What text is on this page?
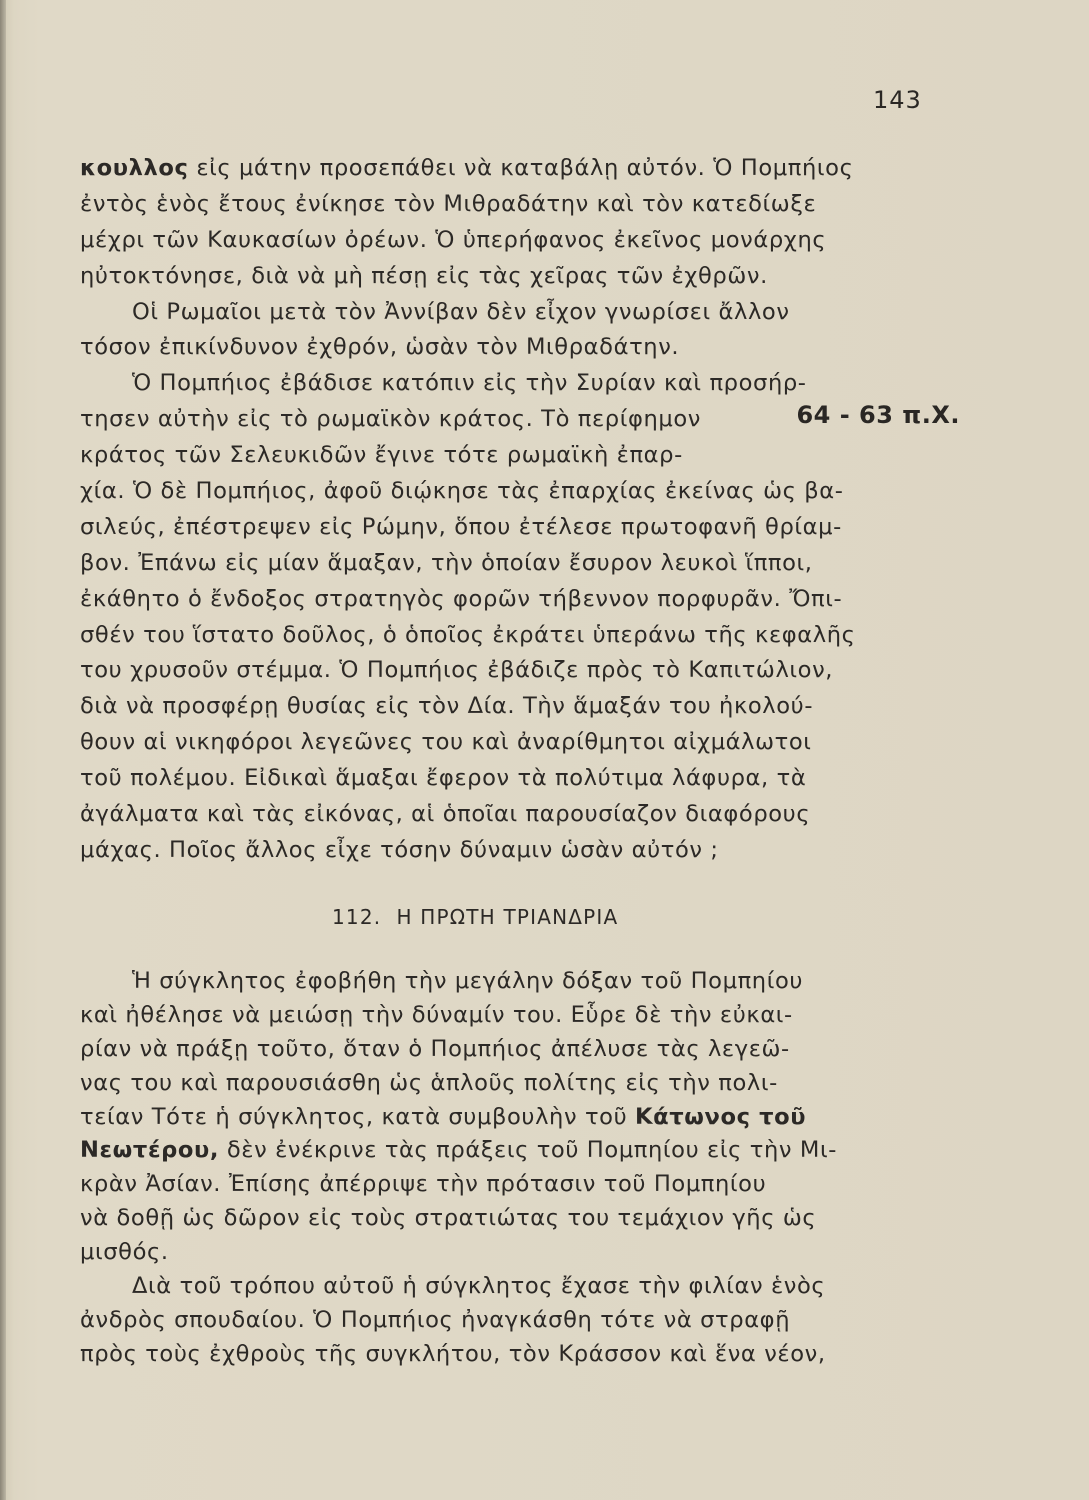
143
κουλλος εἰς μάτην προσεπάθει νὰ καταβάλῃ αὐτόν. Ὁ Πομπήιος
ἐντὸς ἑνὸς ἔτους ἐνίκησε τὸν Μιθραδάτην καὶ τὸν κατεδίωξε
μέχρι τῶν Καυκασίων ὀρέων. Ὁ ὑπερήφανος ἐκεῖνος μονάρχης
ηὐτοκτόνησε, διὰ νὰ μὴ πέσῃ εἰς τὰς χεῖρας τῶν ἐχθρῶν.
Οἱ Ρωμαῖοι μετὰ τὸν Ἀννίβαν δὲν εἶχον γνωρίσει ἄλλον
τόσον ἐπικίνδυνον ἐχθρόν, ὡσὰν τὸν Μιθραδάτην.
Ὁ Πομπήιος ἐβάδισε κατόπιν εἰς τὴν Συρίαν καὶ προσήρ-
τησεν αὐτὴν εἰς τὸ ρωμαϊκὸν κράτος. Τὸ περίφημον	64 - 63 π.Χ.
κράτος τῶν Σελευκιδῶν ἔγινε τότε ρωμαϊκὴ ἐπαρ-
χία. Ὁ δὲ Πομπήιος, ἀφοῦ διῴκησε τὰς ἐπαρχίας ἐκείνας ὡς βα-
σιλεύς, ἐπέστρεψεν εἰς Ρώμην, ὅπου ἐτέλεσε πρωτοφανῆ θρίαμ-
βον. Ἐπάνω εἰς μίαν ἅμαξαν, τὴν ὁποίαν ἔσυρον λευκοὶ ἵπποι,
ἐκάθητο ὁ ἔνδοξος στρατηγὸς φορῶν τήβεννον πορφυρᾶν. Ὄπι-
σθέν του ἵστατο δοῦλος, ὁ ὁποῖος ἐκράτει ὑπεράνω τῆς κεφαλῆς
του χρυσοῦν στέμμα. Ὁ Πομπήιος ἐβάδιζε πρὸς τὸ Καπιτώλιον,
διὰ νὰ προσφέρῃ θυσίας εἰς τὸν Δία. Τὴν ἅμαξάν του ἠκολού-
θουν αἱ νικηφόροι λεγεῶνες του καὶ ἀναρίθμητοι αἰχμάλωτοι
τοῦ πολέμου. Εἰδικαὶ ἅμαξαι ἔφερον τὰ πολύτιμα λάφυρα, τὰ
ἀγάλματα καὶ τὰς εἰκόνας, αἱ ὁποῖαι παρουσίαζον διαφόρους
μάχας. Ποῖος ἄλλος εἶχε τόσην δύναμιν ὡσὰν αὐτόν ;
112.  Η ΠΡΩΤΗ ΤΡΙΑΝΔΡΙΑ
Ἡ σύγκλητος ἐφοβήθη τὴν μεγάλην δόξαν τοῦ Πομπηίου
καὶ ἠθέλησε νὰ μειώσῃ τὴν δύναμίν του. Εὗρε δὲ τὴν εὐκαι-
ρίαν νὰ πράξῃ τοῦτο, ὅταν ὁ Πομπήιος ἀπέλυσε τὰς λεγεῶ-
νας του καὶ παρουσιάσθη ὡς ἁπλοῦς πολίτης εἰς τὴν πολι-
τείαν Τότε ἡ σύγκλητος, κατὰ συμβουλὴν τοῦ Κάτωνος τοῦ
Νεωτέρου, δὲν ἐνέκρινε τὰς πράξεις τοῦ Πομπηίου εἰς τὴν Μι-
κρὰν Ἀσίαν. Ἐπίσης ἀπέρριψε τὴν πρότασιν τοῦ Πομπηίου
νὰ δοθῇ ὡς δῶρον εἰς τοὺς στρατιώτας του τεμάχιον γῆς ὡς
μισθός.
Διὰ τοῦ τρόπου αὐτοῦ ἡ σύγκλητος ἔχασε τὴν φιλίαν ἑνὸς
ἀνδρὸς σπουδαίου. Ὁ Πομπήιος ἠναγκάσθη τότε νὰ στραφῇ
πρὸς τοὺς ἐχθροὺς τῆς συγκλήτου, τὸν Κράσσον καὶ ἕνα νέον,
